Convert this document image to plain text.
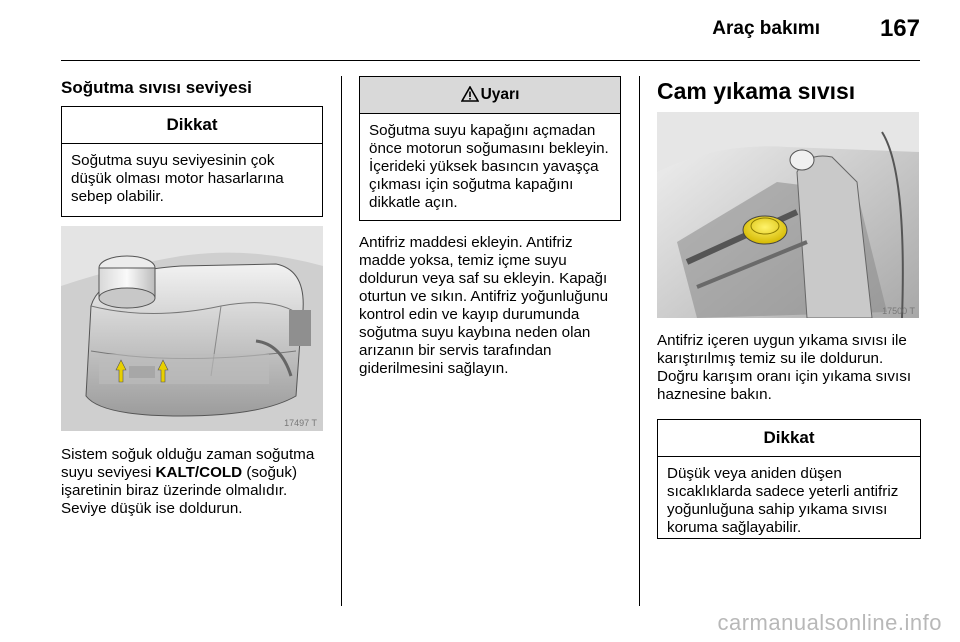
Araç bakımı 167
Soğutma sıvısı seviyesi
Dikkat
Soğutma suyu seviyesinin çok düşük olması motor hasarlarına sebep olabilir.
17497 T

Sistem soğuk olduğu zaman soğutma suyu seviyesi KALT/COLD (soğuk) işaretinin biraz üzerinde olmalıdır. Seviye düşük ise doldurun.

Uyarı
Soğutma suyu kapağını açmadan önce motorun soğumasını bekleyin. İçerideki yüksek basıncın yavaşça çıkması için soğutma kapağını dikkatle açın.

Antifriz maddesi ekleyin. Antifriz madde yoksa, temiz içme suyu doldurun veya saf su ekleyin. Kapağı oturtun ve sıkın. Antifriz yoğunluğunu kontrol edin ve kayıp durumunda soğutma suyu kaybına neden olan arızanın bir servis tarafından giderilmesini sağlayın.

Cam yıkama sıvısı
17500 T

Antifriz içeren uygun yıkama sıvısı ile karıştırılmış temiz su ile doldurun. Doğru karışım oranı için yıkama sıvısı haznesine bakın.

Dikkat
Düşük veya aniden düşen sıcaklıklarda sadece yeterli antifriz yoğunluğuna sahip yıkama sıvısı koruma sağlayabilir.
carmanualsonline.info
